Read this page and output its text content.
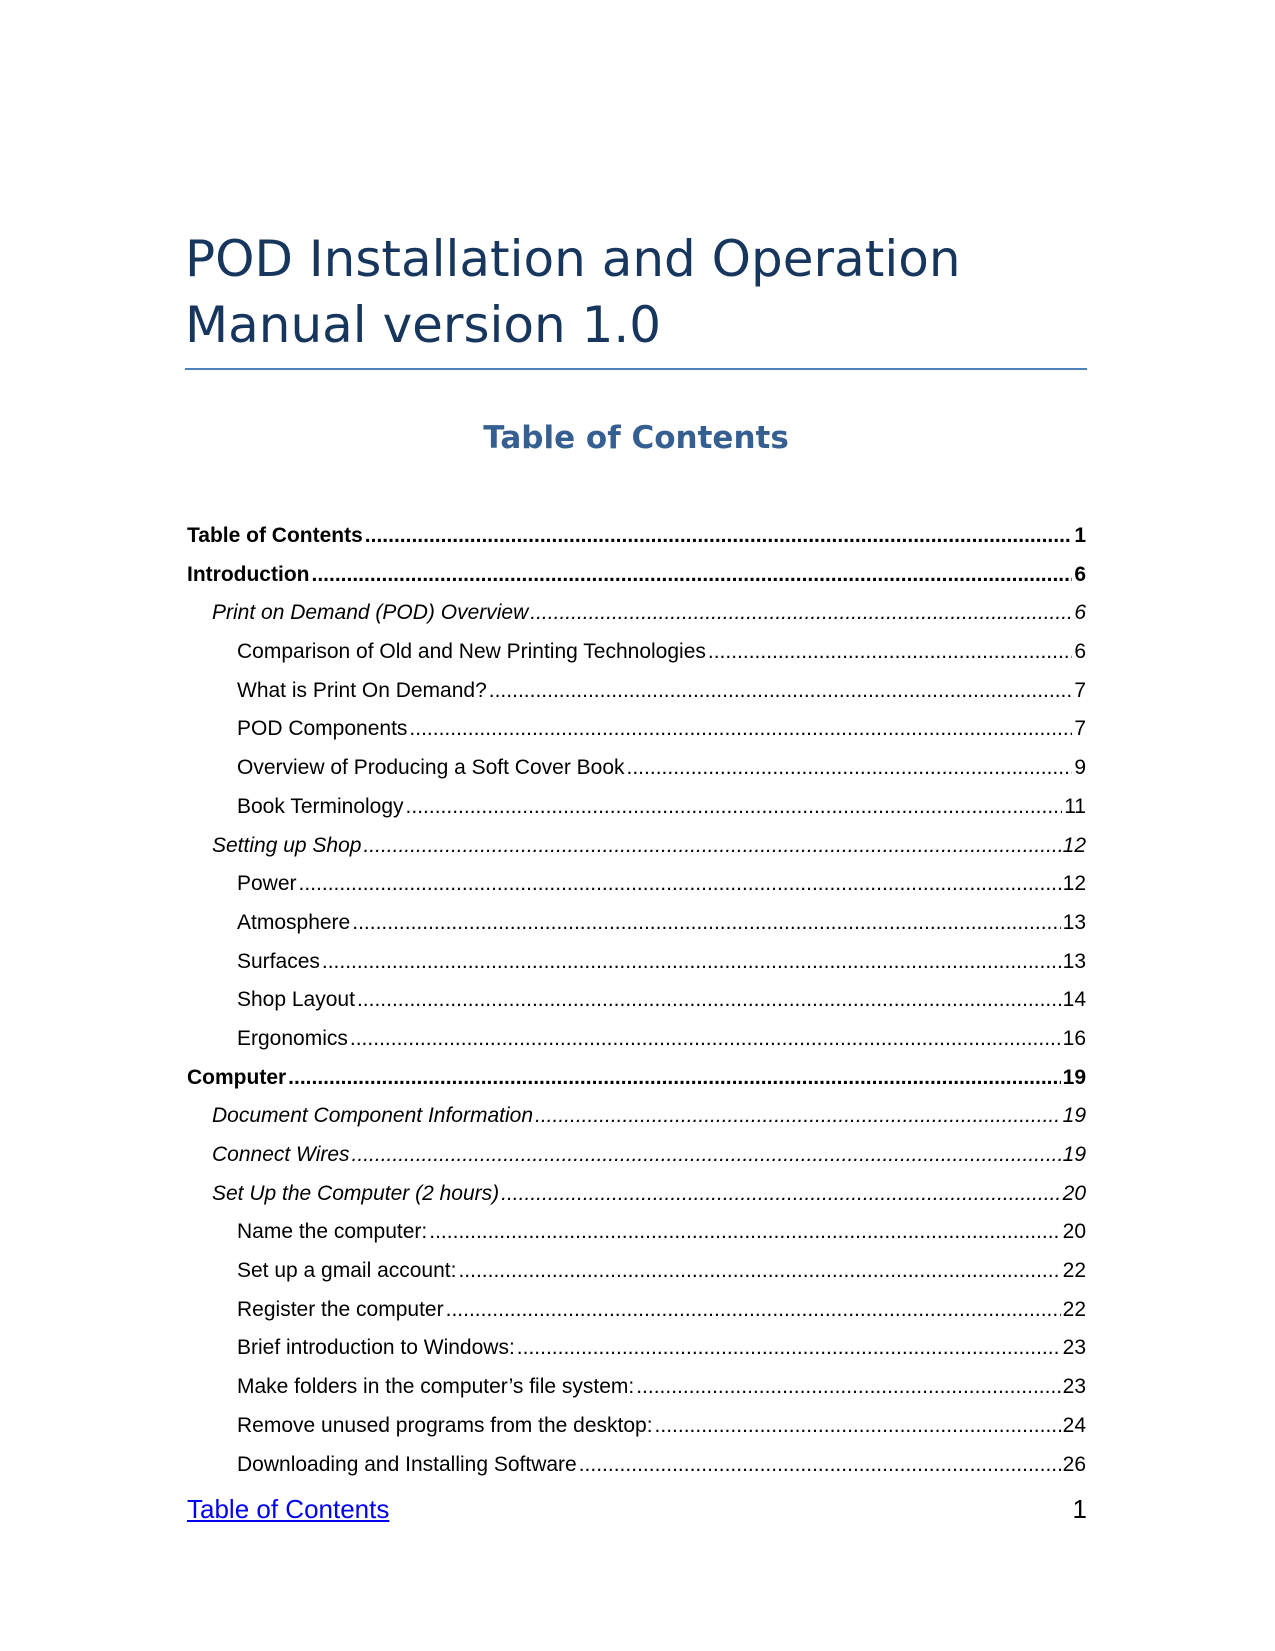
POD Installation and Operation Manual version 1.0
Table of Contents
Table of Contents .....	1
Introduction .....	6
Print on Demand (POD) Overview .....	6
Comparison of Old and New Printing Technologies .....	6
What is Print On Demand? .....	7
POD Components .....	7
Overview of Producing a Soft Cover Book .....	9
Book Terminology .....	11
Setting up Shop .....	12
Power .....	12
Atmosphere .....	13
Surfaces .....	13
Shop Layout .....	14
Ergonomics .....	16
Computer .....	19
Document Component Information .....	19
Connect Wires .....	19
Set Up the Computer (2 hours) .....	20
Name the computer: .....	20
Set up a gmail account: .....	22
Register the computer .....	22
Brief introduction to Windows: .....	23
Make folders in the computer’s file system: .....	23
Remove unused programs from the desktop: .....	24
Downloading and Installing Software .....	26
Table of Contents	1
